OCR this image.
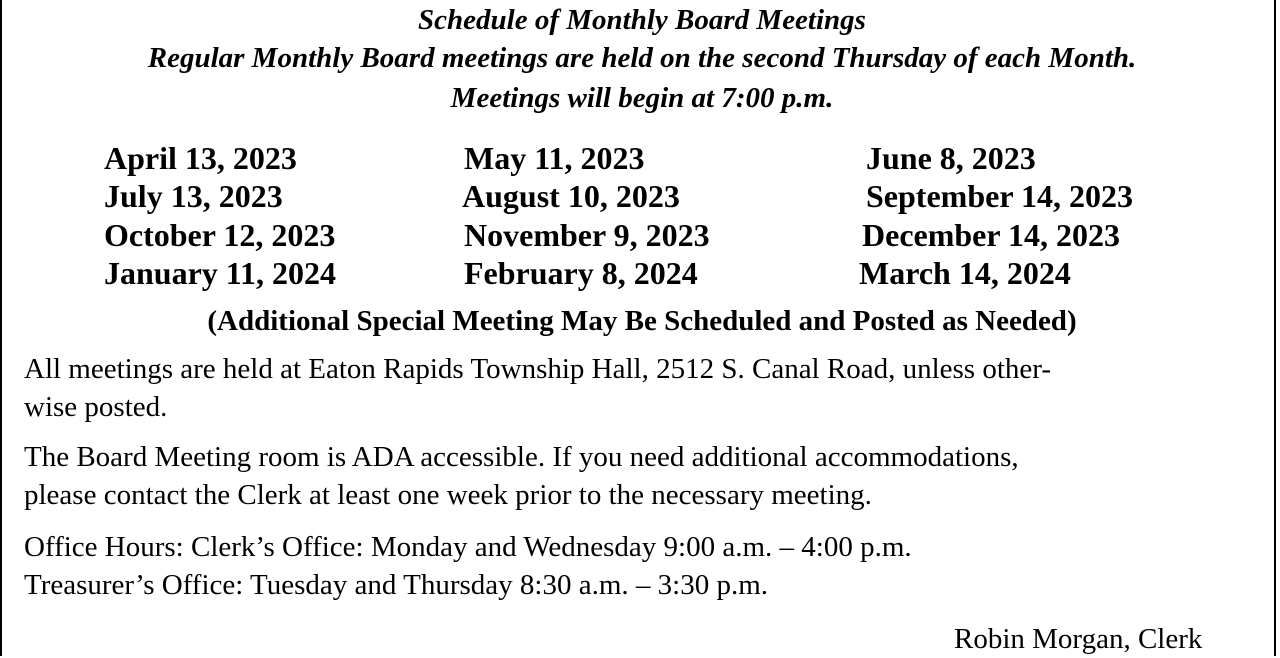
Schedule of Monthly Board Meetings
Regular Monthly Board meetings are held on the second Thursday of each Month.
Meetings will begin at 7:00 p.m.
April 13, 2023	May 11, 2023	June 8, 2023
July 13, 2023	August 10, 2023	September 14, 2023
October 12, 2023	November 9, 2023	December 14, 2023
January 11, 2024	February 8, 2024	March 14, 2024
(Additional Special Meeting May Be Scheduled and Posted as Needed)
All meetings are held at Eaton Rapids Township Hall, 2512 S. Canal Road, unless other-
wise posted.
The Board Meeting room is ADA accessible. If you need additional accommodations,
please contact the Clerk at least one week prior to the necessary meeting.
Office Hours: Clerk’s Office: Monday and Wednesday 9:00 a.m. – 4:00 p.m.
Treasurer’s Office: Tuesday and Thursday 8:30 a.m. – 3:30 p.m.
Robin Morgan, Clerk
